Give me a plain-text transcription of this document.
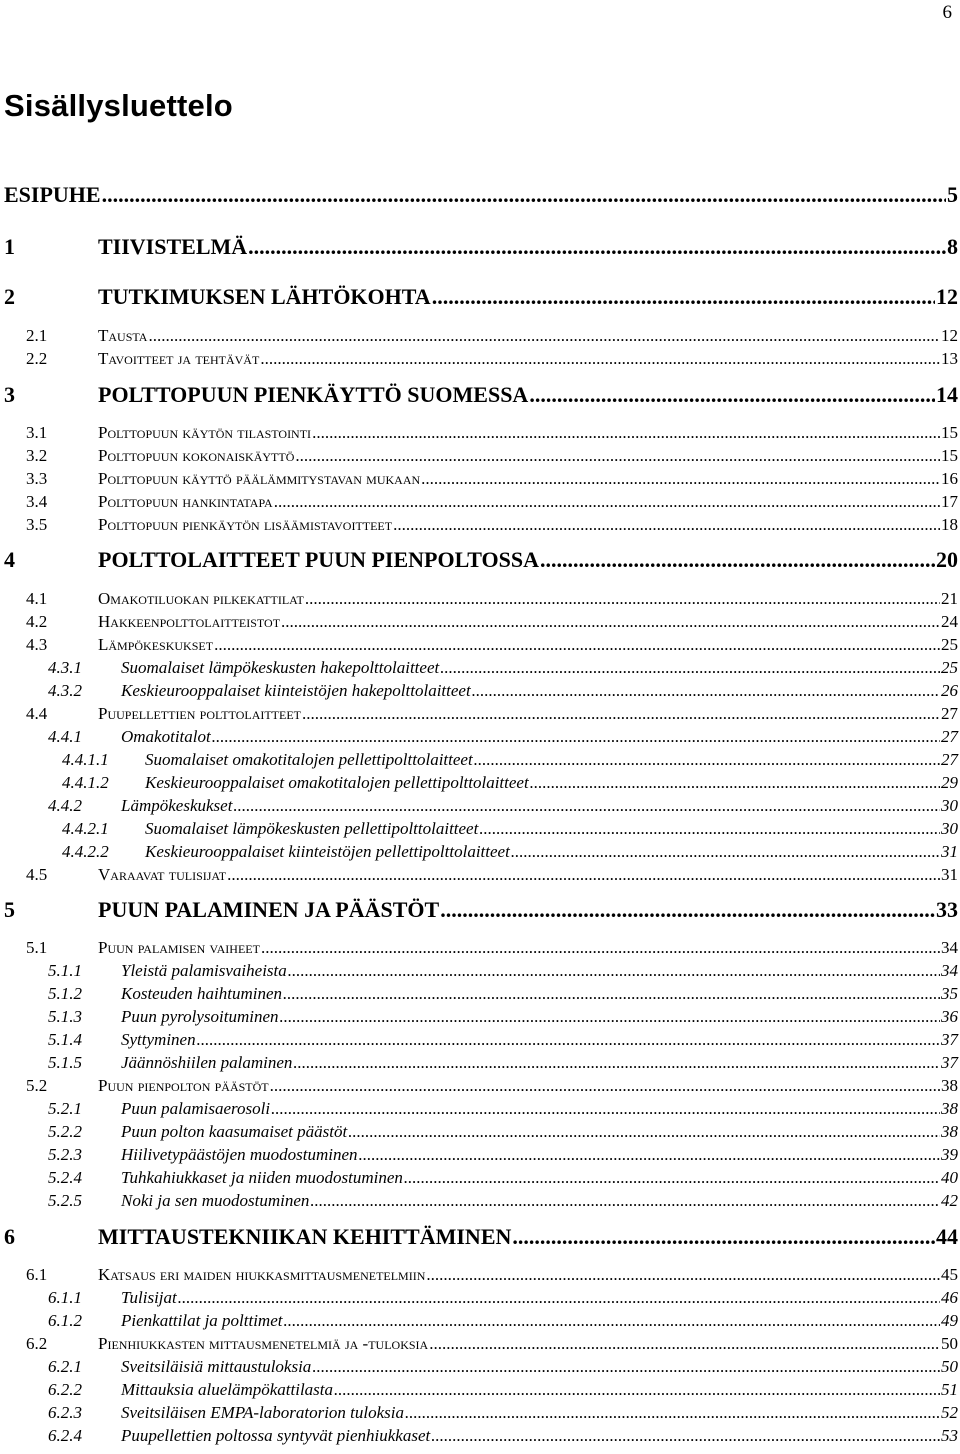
6
Sisällysluettelo
ESIPUHE .....	5
1	TIIVISTELMÄ .....	8
2	TUTKIMUKSEN LÄHTÖKOHTA .....	12
2.1	Tausta .....	12
2.2	Tavoitteet ja tehtävät .....	13
3	POLTTOPUUN PIENKÄYTTÖ SUOMESSA .....	14
3.1	Polttopuun käytön tilastointi .....	15
3.2	Polttopuun kokonaiskäyttö .....	15
3.3	Polttopuun käyttö päälämmitystavan mukaan .....	16
3.4	Polttopuun hankintatapa .....	17
3.5	Polttopuun pienkäytön lisäämistavoitteet .....	18
4	POLTTOLAITTEET PUUN PIENPOLTOSSA .....	20
4.1	Omakotiluokan pilkekattilat .....	21
4.2	Hakkeenpolttolaitteistot .....	24
4.3	Lämpökeskukset .....	25
4.3.1 Suomalaiset lämpökeskusten hakepolttolaitteet .....	25
4.3.2 Keskieurooppalaiset kiinteistöjen hakepolttolaitteet .....	26
4.4	Puupellettien polttolaitteet .....	27
4.4.1 Omakotitalot .....	27
4.4.1.1 Suomalaiset omakotitalojen pellettipolttolaitteet .....	27
4.4.1.2 Keskieurooppalaiset omakotitalojen pellettipolttolaitteet .....	29
4.4.2 Lämpökeskukset .....	30
4.4.2.1 Suomalaiset lämpökeskusten pellettipolttolaitteet .....	30
4.4.2.2 Keskieurooppalaiset kiinteistöjen pellettipolttolaitteet .....	31
4.5	Varaavat tulisijat .....	31
5	PUUN PALAMINEN JA PÄÄSTÖT .....	33
5.1	Puun palamisen vaiheet .....	34
5.1.1 Yleistä palamisvaiheista .....	34
5.1.2 Kosteuden haihtuminen .....	35
5.1.3 Puun pyrolysoituminen .....	36
5.1.4 Syttyminen .....	37
5.1.5 Jäännöshiilen palaminen .....	37
5.2	Puun pienpolton päästöt .....	38
5.2.1 Puun palamisaerosoli .....	38
5.2.2 Puun polton kaasumaiset päästöt .....	38
5.2.3 Hiilivetypäästöjen muodostuminen .....	39
5.2.4 Tuhkahiukkaset ja niiden muodostuminen .....	40
5.2.5 Noki ja sen muodostuminen .....	42
6	MITTAUSTEKNIIKAN KEHITTÄMINEN .....	44
6.1	Katsaus eri maiden hiukkasmittausmenetelmiin .....	45
6.1.1 Tulisijat .....	46
6.1.2 Pienkattilat ja polttimet .....	49
6.2	Pienhiukkasten mittausmenetelmiä ja -tuloksia .....	50
6.2.1 Sveitsiläisiä mittaustuloksia .....	50
6.2.2 Mittauksia aluelämpökattilasta .....	51
6.2.3 Sveitsiläisen EMPA-laboratorion tuloksia .....	52
6.2.4 Puupellettien poltossa syntyvät pienhiukkaset .....	53
